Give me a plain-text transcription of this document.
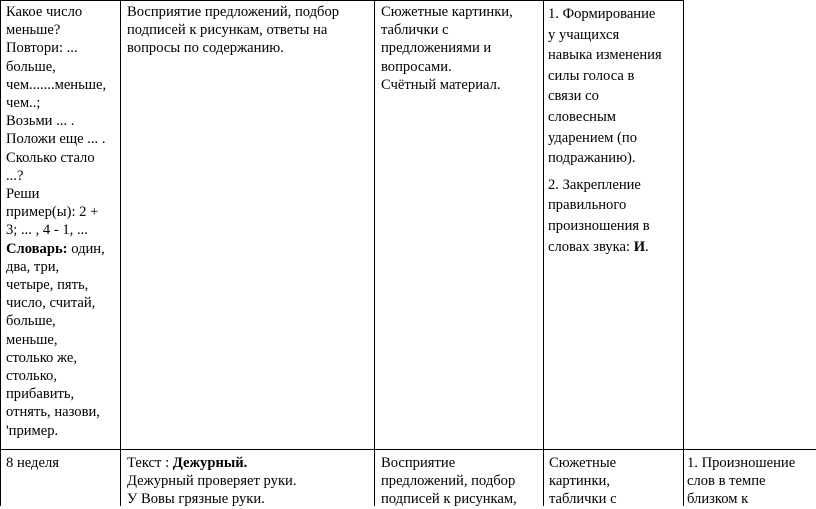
Какое число

меньше?

Повтори: ...

больше,

чем.......меньше,

чем..;

Возьми ... .

Положи еще ... .

Сколько стало

...?

Реши

пример(ы): 2 +

3; ... , 4 - 1, ...

Словарь: один,

два, три,

четыре, пять,

число, считай,

больше,

меньше,

столько же,

столько,

прибавить,

отнять, назови,

'пример.

Восприятие предложений, подбор

подписей к рисункам, ответы на

вопросы по содержанию.

Сюжетные картинки,

таблички с

предложениями и

вопросами.

Счётный материал.

1. Формирование

у учащихся

навыка изменения

силы голоса в

связи со

словесным

ударением (по

подражанию).

2. Закрепление

правильного

произношения в

словах звука: И.

8 неделя	Текст : Дежурный.

Дежурный проверяет руки.

У Вовы грязные руки.

Восприятие

предложений, подбор

подписей к рисункам,

Сюжетные

картинки,

таблички с

1. Произношение

слов в темпе

близком к
